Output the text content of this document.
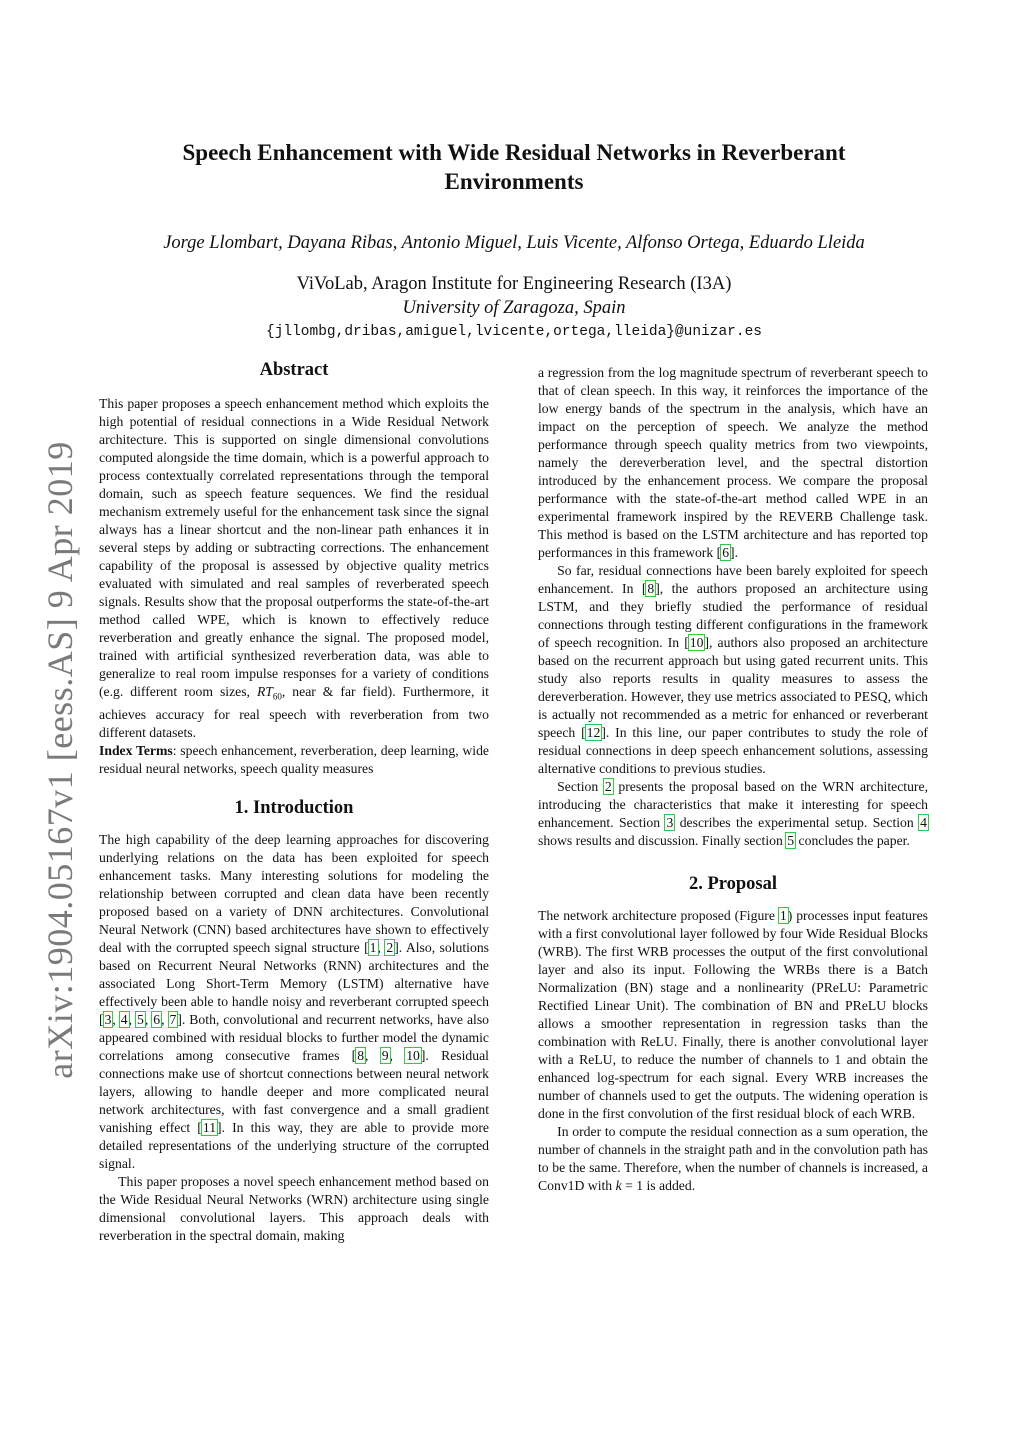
arXiv:1904.05167v1 [eess.AS] 9 Apr 2019
Speech Enhancement with Wide Residual Networks in Reverberant
Environments
Jorge Llombart, Dayana Ribas, Antonio Miguel, Luis Vicente, Alfonso Ortega, Eduardo Lleida
ViVoLab, Aragon Institute for Engineering Research (I3A)
University of Zaragoza, Spain
{jllombg,dribas,amiguel,lvicente,ortega,lleida}@unizar.es
Abstract

This paper proposes a speech enhancement method which exploits the high potential of residual connections in a Wide Residual Network architecture. This is supported on single dimensional convolutions computed alongside the time domain, which is a powerful approach to process contextually correlated representations through the temporal domain, such as speech feature sequences. We find the residual mechanism extremely useful for the enhancement task since the signal always has a linear shortcut and the non-linear path enhances it in several steps by adding or subtracting corrections. The enhancement capability of the proposal is assessed by objective quality metrics evaluated with simulated and real samples of reverberated speech signals. Results show that the proposal outperforms the state-of-the-art method called WPE, which is known to effectively reduce reverberation and greatly enhance the signal. The proposed model, trained with artificial synthesized reverberation data, was able to generalize to real room impulse responses for a variety of conditions (e.g. different room sizes, $RT_{60}$, near & far field). Furthermore, it achieves accuracy for real speech with reverberation from two different datasets.

Index Terms: speech enhancement, reverberation, deep learning, wide residual neural networks, speech quality measures

1. Introduction

The high capability of the deep learning approaches for discovering underlying relations on the data has been exploited for speech enhancement tasks. Many interesting solutions for modeling the relationship between corrupted and clean data have been recently proposed based on a variety of DNN architectures. Convolutional Neural Network (CNN) based architectures have shown to effectively deal with the corrupted speech signal structure [1, 2]. Also, solutions based on Recurrent Neural Networks (RNN) architectures and the associated Long Short-Term Memory (LSTM) alternative have effectively been able to handle noisy and reverberant corrupted speech [3, 4, 5, 6, 7]. Both, convolutional and recurrent networks, have also appeared combined with residual blocks to further model the dynamic correlations among consecutive frames [8, 9, 10]. Residual connections make use of shortcut connections between neural network layers, allowing to handle deeper and more complicated neural network architectures, with fast convergence and a small gradient vanishing effect [11]. In this way, they are able to provide more detailed representations of the underlying structure of the corrupted signal.

This paper proposes a novel speech enhancement method based on the Wide Residual Neural Networks (WRN) architecture using single dimensional convolutional layers. This approach deals with reverberation in the spectral domain, making

a regression from the log magnitude spectrum of reverberant speech to that of clean speech. In this way, it reinforces the importance of the low energy bands of the spectrum in the analysis, which have an impact on the perception of speech. We analyze the method performance through speech quality metrics from two viewpoints, namely the dereverberation level, and the spectral distortion introduced by the enhancement process. We compare the proposal performance with the state-of-the-art method called WPE in an experimental framework inspired by the REVERB Challenge task. This method is based on the LSTM architecture and has reported top performances in this framework [6].

So far, residual connections have been barely exploited for speech enhancement. In [8], the authors proposed an architecture using LSTM, and they briefly studied the performance of residual connections through testing different configurations in the framework of speech recognition. In [10], authors also proposed an architecture based on the recurrent approach but using gated recurrent units. This study also reports results in quality measures to assess the dereverberation. However, they use metrics associated to PESQ, which is actually not recommended as a metric for enhanced or reverberant speech [12]. In this line, our paper contributes to study the role of residual connections in deep speech enhancement solutions, assessing alternative conditions to previous studies.

Section 2 presents the proposal based on the WRN architecture, introducing the characteristics that make it interesting for speech enhancement. Section 3 describes the experimental setup. Section 4 shows results and discussion. Finally section 5 concludes the paper.

2. Proposal

The network architecture proposed (Figure 1) processes input features with a first convolutional layer followed by four Wide Residual Blocks (WRB). The first WRB processes the output of the first convolutional layer and also its input. Following the WRBs there is a Batch Normalization (BN) stage and a nonlinearity (PReLU: Parametric Rectified Linear Unit). The combination of BN and PReLU blocks allows a smoother representation in regression tasks than the combination with ReLU. Finally, there is another convolutional layer with a ReLU, to reduce the number of channels to 1 and obtain the enhanced log-spectrum for each signal. Every WRB increases the number of channels used to get the outputs. The widening operation is done in the first convolution of the first residual block of each WRB.

In order to compute the residual connection as a sum operation, the number of channels in the straight path and in the convolution path has to be the same. Therefore, when the number of channels is increased, a Conv1D with k = 1 is added.
